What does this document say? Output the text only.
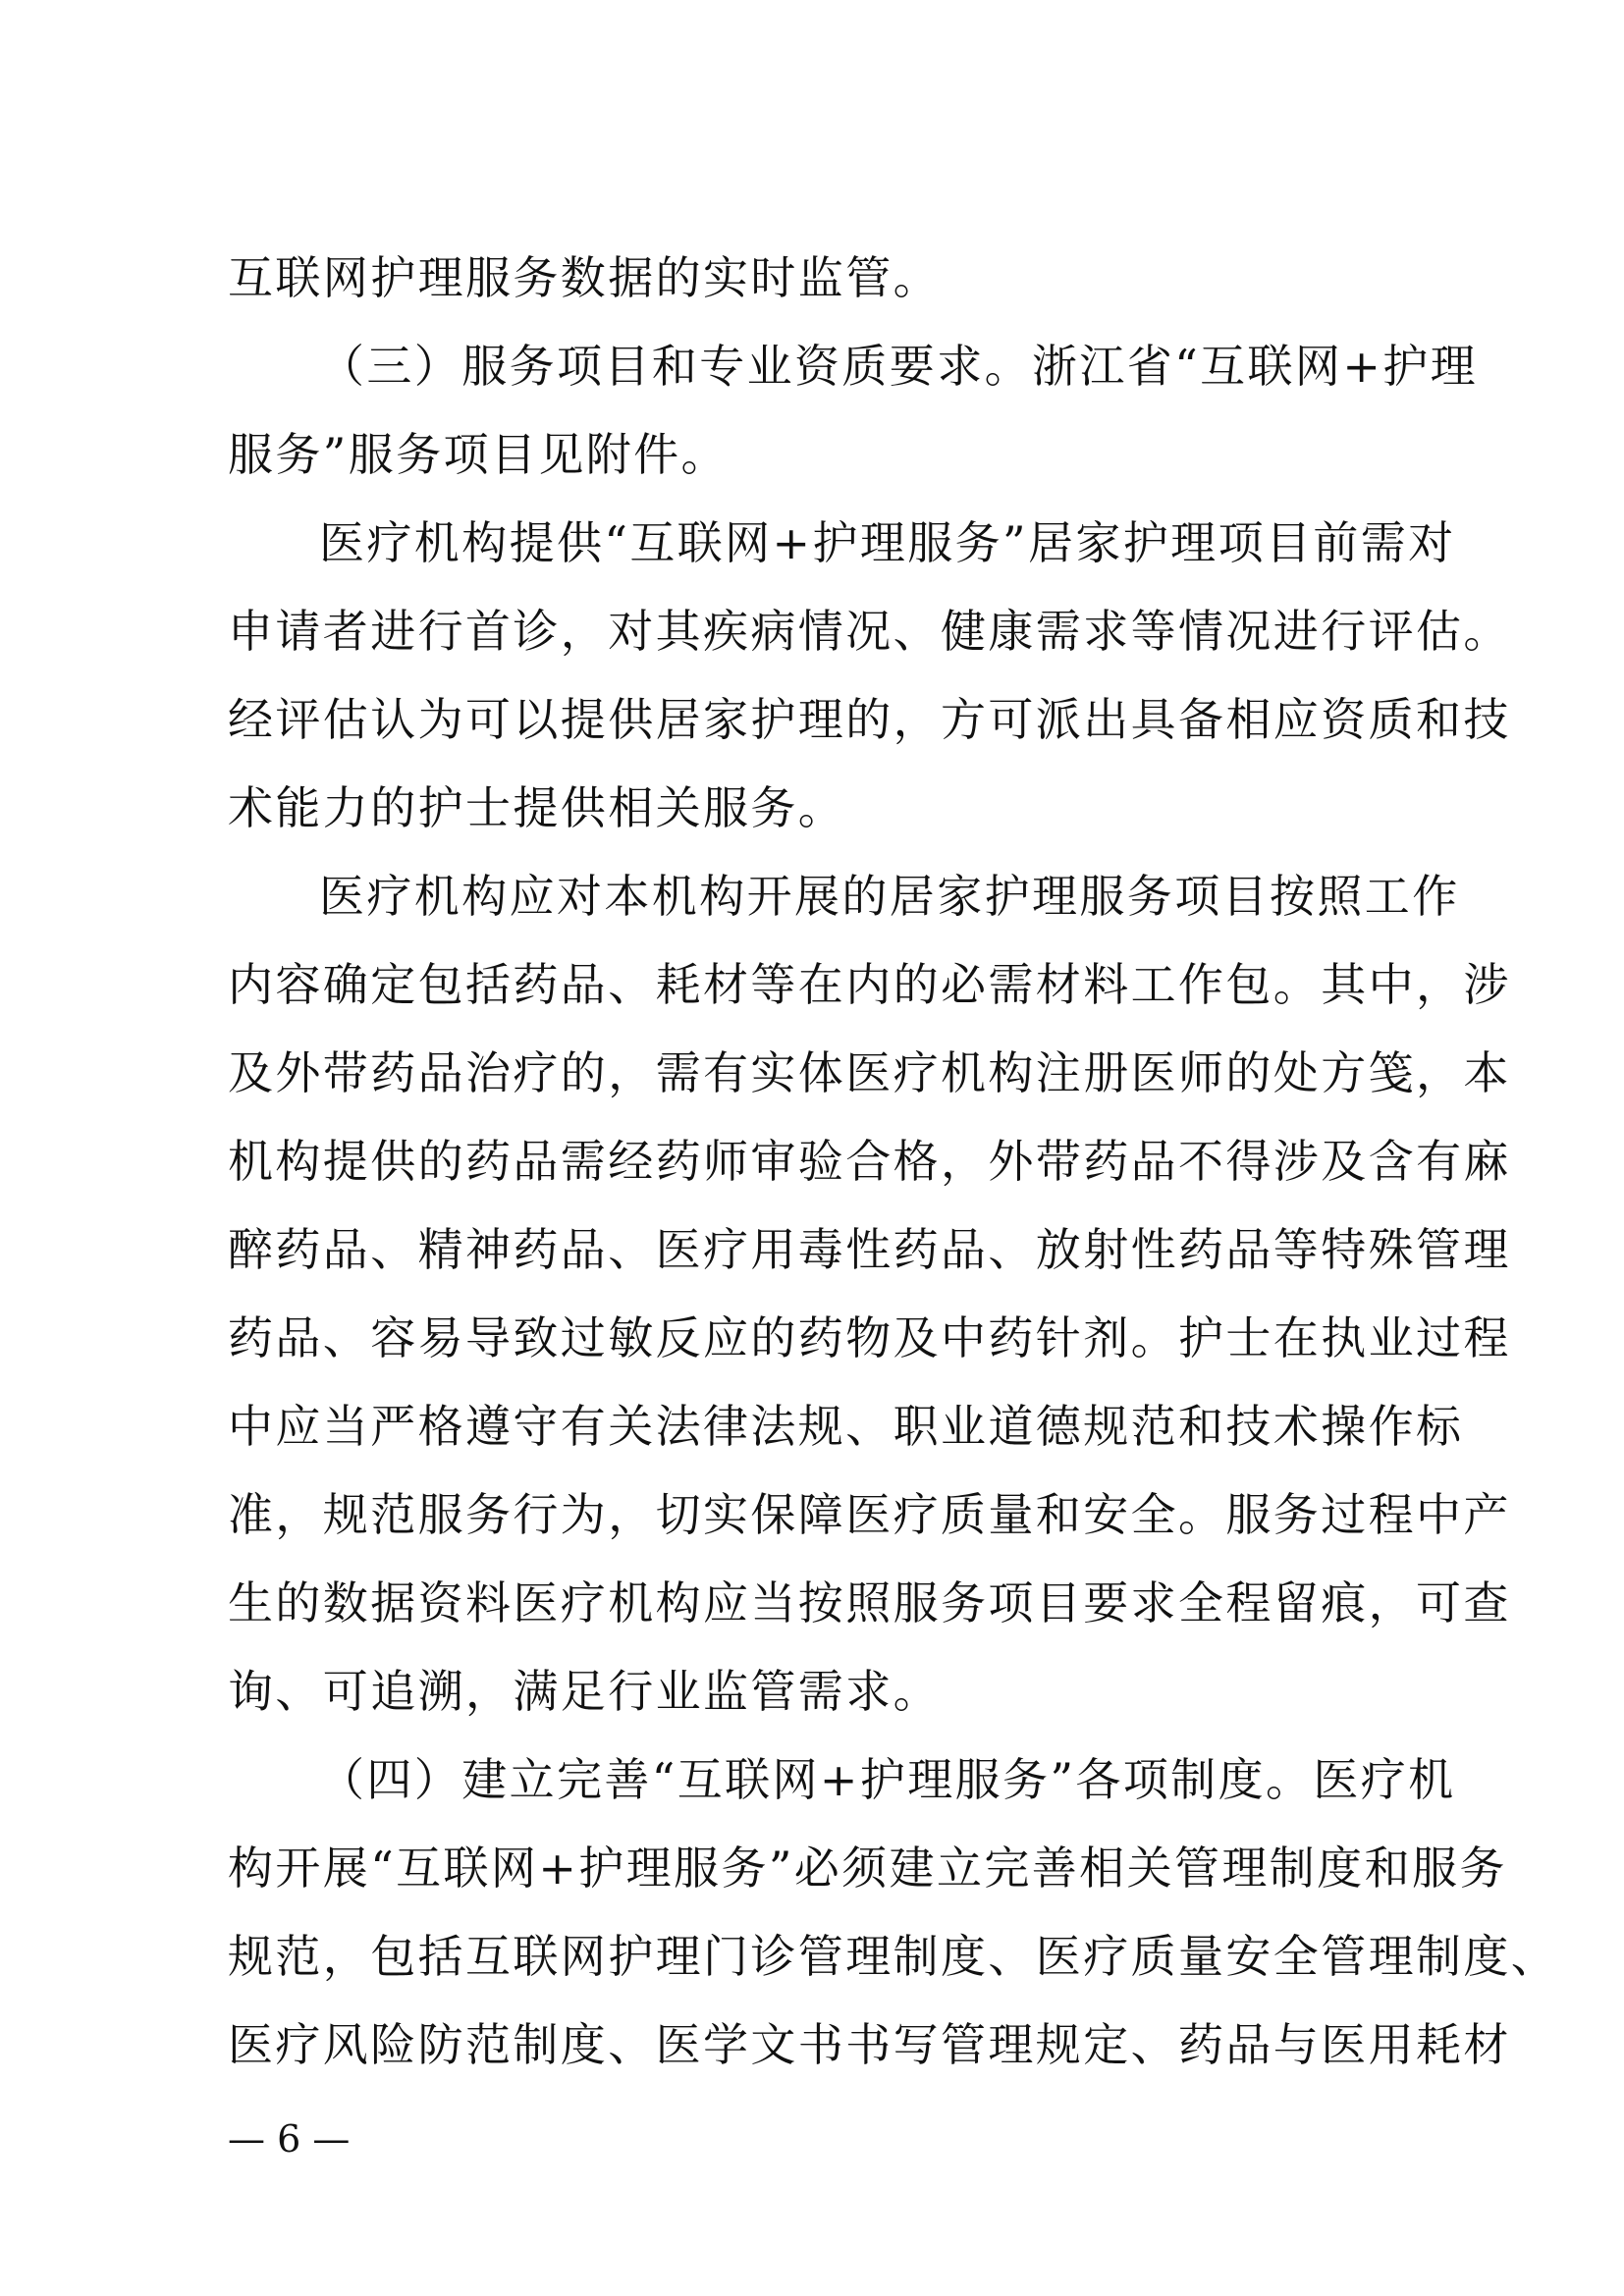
互联网护理服务数据的实时监管。
（三）服务项目和专业资质要求。浙江省“互联网+护理
服务”服务项目见附件。
医疗机构提供“互联网+护理服务”居家护理项目前需对
申请者进行首诊，对其疾病情况、健康需求等情况进行评估。
经评估认为可以提供居家护理的，方可派出具备相应资质和技
术能力的护士提供相关服务。
医疗机构应对本机构开展的居家护理服务项目按照工作
内容确定包括药品、耗材等在内的必需材料工作包。其中，涉
及外带药品治疗的，需有实体医疗机构注册医师的处方笺，本
机构提供的药品需经药师审验合格，外带药品不得涉及含有麻
醉药品、精神药品、医疗用毒性药品、放射性药品等特殊管理
药品、容易导致过敏反应的药物及中药针剂。护士在执业过程
中应当严格遵守有关法律法规、职业道德规范和技术操作标
准，规范服务行为，切实保障医疗质量和安全。服务过程中产
生的数据资料医疗机构应当按照服务项目要求全程留痕，可查
询、可追溯，满足行业监管需求。
（四）建立完善“互联网+护理服务”各项制度。医疗机
构开展“互联网+护理服务”必须建立完善相关管理制度和服务
规范，包括互联网护理门诊管理制度、医疗质量安全管理制度、
医疗风险防范制度、医学文书书写管理规定、药品与医用耗材
— 6 —
